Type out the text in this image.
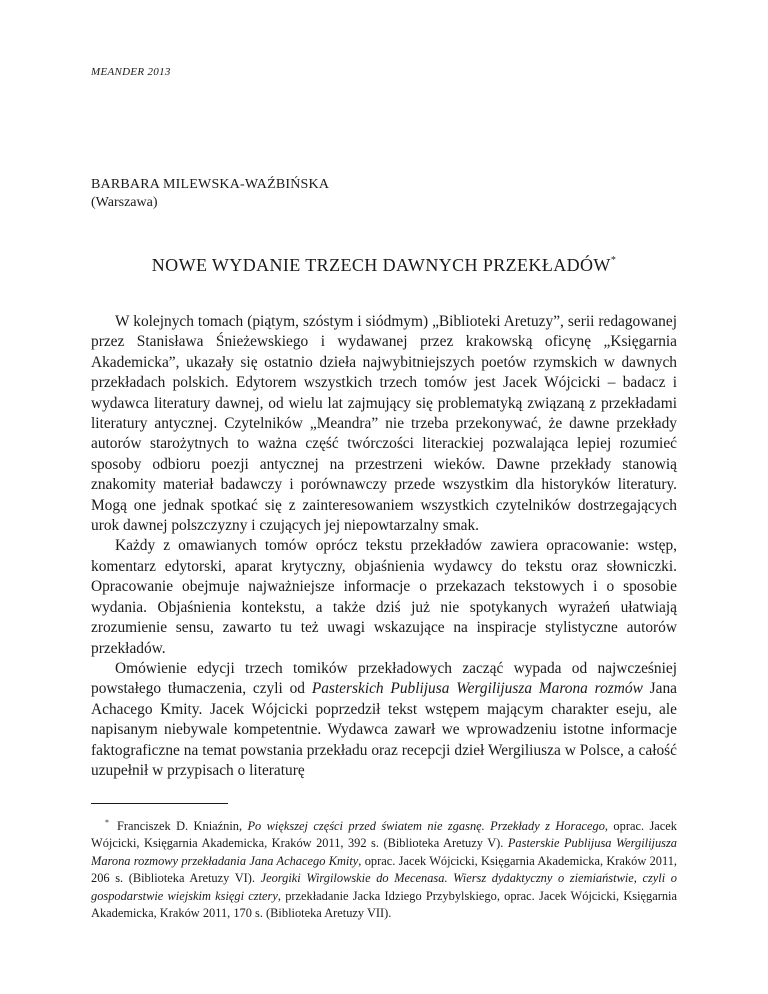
MEANDER 2013
BARBARA MILEWSKA-WAŹBIŃSKA
(Warszawa)
NOWE WYDANIE TRZECH DAWNYCH PRZEKŁADÓW*

W kolejnych tomach (piątym, szóstym i siódmym) „Biblioteki Aretuzy”, serii redagowanej przez Stanisława Śnieżewskiego i wydawanej przez krakowską oficynę „Księgarnia Akademicka”, ukazały się ostatnio dzieła najwybitniejszych poetów rzymskich w dawnych przekładach polskich. Edytorem wszystkich trzech tomów jest Jacek Wójcicki – badacz i wydawca literatury dawnej, od wielu lat zajmujący się problematyką związaną z przekładami literatury antycznej. Czytelników „Meandra” nie trzeba przekonywać, że dawne przekłady autorów starożytnych to ważna część twórczości literackiej pozwalająca lepiej rozumieć sposoby odbioru poezji antycznej na przestrzeni wieków. Dawne przekłady stanowią znakomity materiał badawczy i porównawczy przede wszystkim dla historyków literatury. Mogą one jednak spotkać się z zainteresowaniem wszystkich czytelników dostrzegających urok dawnej polszczyzny i czujących jej niepowtarzalny smak.

Każdy z omawianych tomów oprócz tekstu przekładów zawiera opracowanie: wstęp, komentarz edytorski, aparat krytyczny, objaśnienia wydawcy do tekstu oraz słowniczki. Opracowanie obejmuje najważniejsze informacje o przekazach tekstowych i o sposobie wydania. Objaśnienia kontekstu, a także dziś już nie spotykanych wyrażeń ułatwiają zrozumienie sensu, zawarto tu też uwagi wskazujące na inspiracje stylistyczne autorów przekładów.

Omówienie edycji trzech tomików przekładowych zacząć wypada od najwcześniej powstałego tłumaczenia, czyli od Pasterskich Publijusa Wergilijusza Marona rozmów Jana Achacego Kmity. Jacek Wójcicki poprzedził tekst wstępem mającym charakter eseju, ale napisanym niebywale kompetentnie. Wydawca zawarł we wprowadzeniu istotne informacje faktograficzne na temat powstania przekładu oraz recepcji dzieł Wergiliusza w Polsce, a całość uzupełnił w przypisach o literaturę

* Franciszek D. Kniaźnin, Po większej części przed światem nie zgasnę. Przekłady z Horacego, oprac. Jacek Wójcicki, Księgarnia Akademicka, Kraków 2011, 392 s. (Biblioteka Aretuzy V). Pasterskie Publijusa Wergilijusza Marona rozmowy przekładania Jana Achacego Kmity, oprac. Jacek Wójcicki, Księgarnia Akademicka, Kraków 2011, 206 s. (Biblioteka Aretuzy VI). Jeorgiki Wirgilowskie do Mecenasa. Wiersz dydaktyczny o ziemiaństwie, czyli o gospodarstwie wiejskim księgi cztery, przekładanie Jacka Idziego Przybylskiego, oprac. Jacek Wójcicki, Księgarnia Akademicka, Kraków 2011, 170 s. (Biblioteka Aretuzy VII).
